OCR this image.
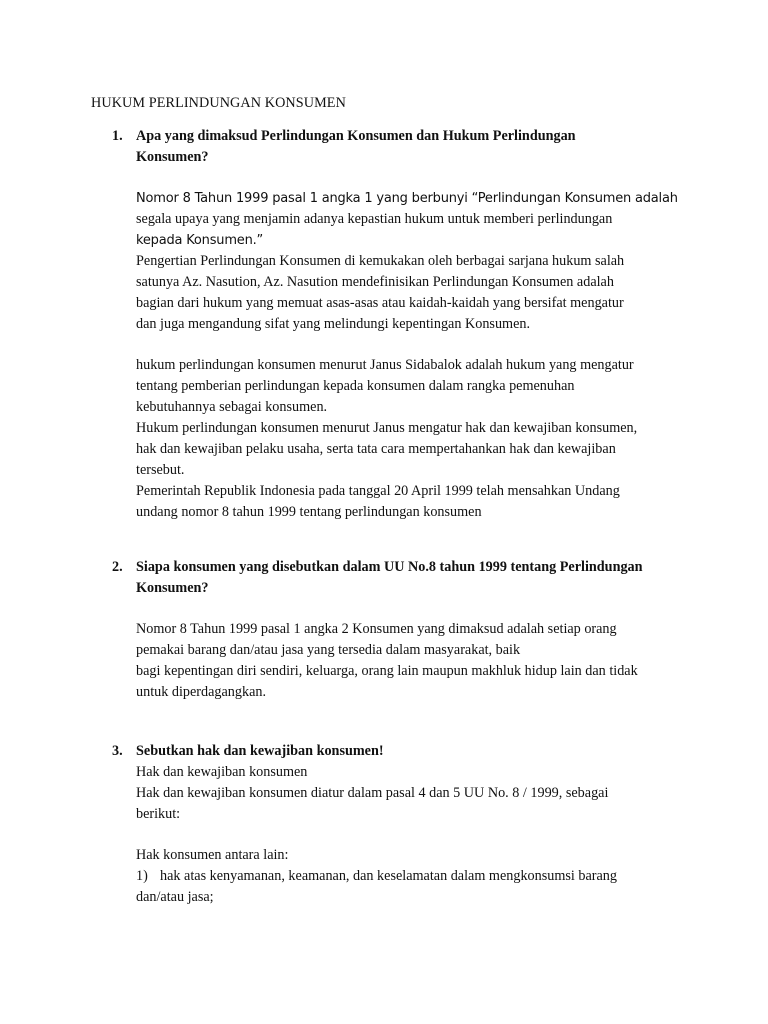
HUKUM PERLINDUNGAN KONSUMEN
1. Apa yang dimaksud Perlindungan Konsumen dan Hukum Perlindungan
Konsumen?
Nomor 8 Tahun 1999 pasal 1 angka 1 yang berbunyi “Perlindungan Konsumen adalah
segala upaya yang menjamin adanya kepastian hukum untuk memberi perlindungan
kepada Konsumen.”
Pengertian Perlindungan Konsumen di kemukakan oleh berbagai sarjana hukum salah
satunya Az. Nasution, Az. Nasution mendefinisikan Perlindungan Konsumen adalah
bagian dari hukum yang memuat asas-asas atau kaidah-kaidah yang bersifat mengatur
dan juga mengandung sifat yang melindungi kepentingan Konsumen.
hukum perlindungan konsumen menurut Janus Sidabalok adalah hukum yang mengatur
tentang pemberian perlindungan kepada konsumen dalam rangka pemenuhan
kebutuhannya sebagai konsumen.
Hukum perlindungan konsumen menurut Janus mengatur hak dan kewajiban konsumen,
hak dan kewajiban pelaku usaha, serta tata cara mempertahankan hak dan kewajiban
tersebut.
Pemerintah Republik Indonesia pada tanggal 20 April 1999 telah mensahkan Undang
undang nomor 8 tahun 1999 tentang perlindungan konsumen
2. Siapa konsumen yang disebutkan dalam UU No.8 tahun 1999 tentang Perlindungan
Konsumen?
Nomor 8 Tahun 1999 pasal 1 angka 2 Konsumen yang dimaksud adalah setiap orang
pemakai barang dan/atau jasa yang tersedia dalam masyarakat, baik
bagi kepentingan diri sendiri, keluarga, orang lain maupun makhluk hidup lain dan tidak
untuk diperdagangkan.
3. Sebutkan hak dan kewajiban konsumen!
Hak dan kewajiban konsumen
Hak dan kewajiban konsumen diatur dalam pasal 4 dan 5 UU No. 8 / 1999, sebagai
berikut:
Hak konsumen antara lain:
1) hak atas kenyamanan, keamanan, dan keselamatan dalam mengkonsumsi barang
dan/atau jasa;
